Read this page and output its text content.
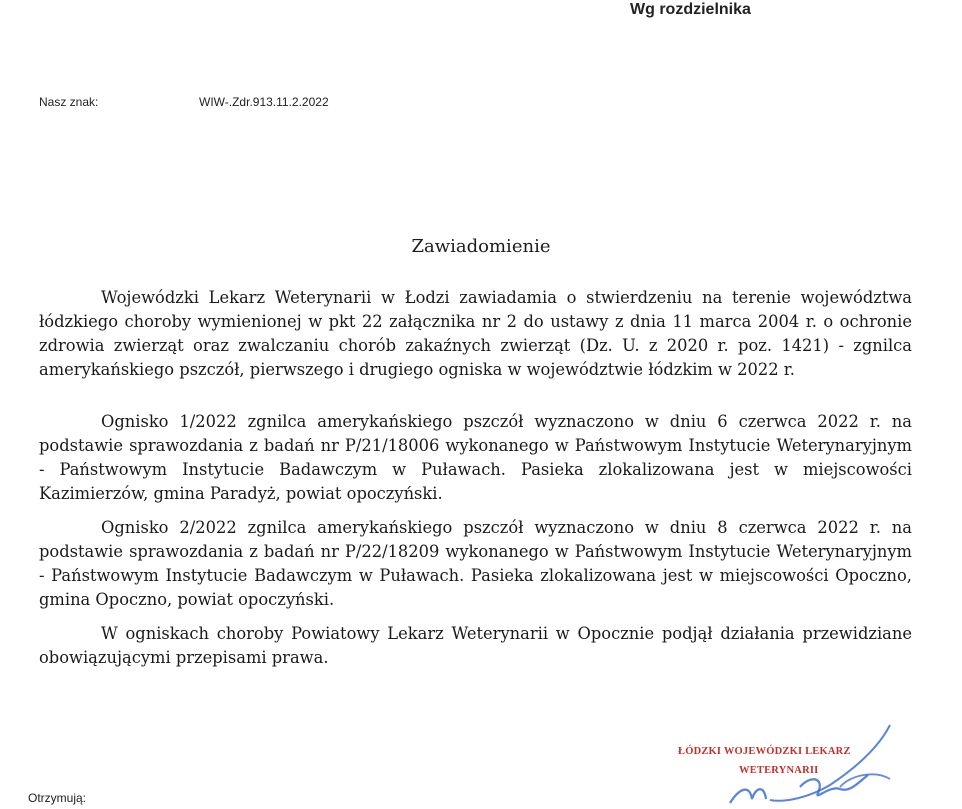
Wg rozdzielnika
Nasz znak:	WIW-.Zdr.913.11.2.2022
Zawiadomienie

Wojewódzki Lekarz Weterynarii w Łodzi zawiadamia o stwierdzeniu na terenie województwa łódzkiego choroby wymienionej w pkt 22 załącznika nr 2 do ustawy z dnia 11 marca 2004 r. o ochronie zdrowia zwierząt oraz zwalczaniu chorób zakaźnych zwierząt (Dz. U. z 2020 r. poz. 1421) - zgnilca amerykańskiego pszczół, pierwszego i drugiego ogniska w województwie łódzkim w 2022 r.

Ognisko 1/2022 zgnilca amerykańskiego pszczół wyznaczono w dniu 6 czerwca 2022 r. na podstawie sprawozdania z badań nr P/21/18006 wykonanego w Państwowym Instytucie Weterynaryjnym - Państwowym Instytucie Badawczym w Puławach. Pasieka zlokalizowana jest w miejscowości Kazimierzów, gmina Paradyż, powiat opoczyński.

Ognisko 2/2022 zgnilca amerykańskiego pszczół wyznaczono w dniu 8 czerwca 2022 r. na podstawie sprawozdania z badań nr P/22/18209 wykonanego w Państwowym Instytucie Weterynaryjnym - Państwowym Instytucie Badawczym w Puławach. Pasieka zlokalizowana jest w miejscowości Opoczno, gmina Opoczno, powiat opoczyński.

W ogniskach choroby Powiatowy Lekarz Weterynarii w Opocznie podjął działania przewidziane obowiązującymi przepisami prawa.

ŁÓDZKI WOJEWÓDZKI LEKARZ
WETERYNARII
Otrzymują:
